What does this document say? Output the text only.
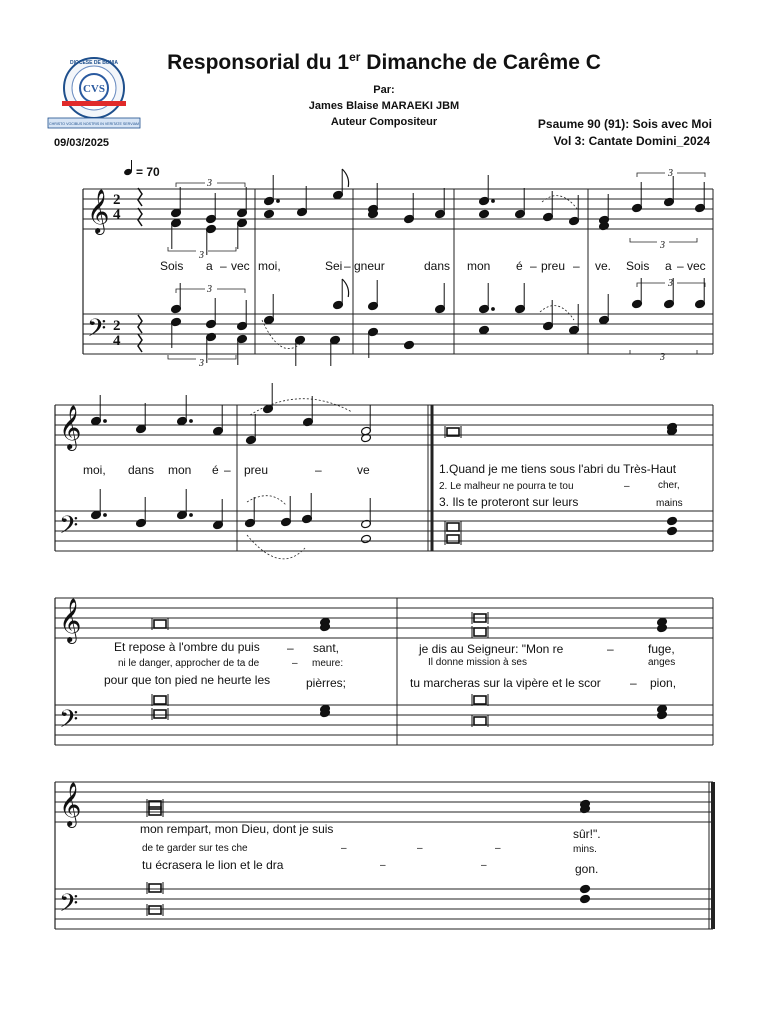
Responsorial du 1er Dimanche de Carême C
Par:
James Blaise MARAEKI JBM
Auteur Compositeur	Psaume 90 (91): Sois avec Moi
Vol 3: Cantate Domini_2024
09/03/2025
CVS
DIOCESE DE BUNIA
CHRISTO VOCIBUS NOSTRIS IN VERITATE SERVIAM
𝄞
𝄢
𝄞
𝄢
𝄞
𝄢
𝄞
𝄢
= 70
2
4
2
4
3
3
3
3
3
3
3
3
Sois a – vec moi,	Sei – gneur	dans mon é – preu – ve. Sois a – vec
moi, dans mon é – preu	–	ve	1.Quand je me tiens sous l'abri du Très-Haut
2. Le malheur ne pourra te tou	–	cher,
3. Ils te proteront sur leurs	mains
Et repose à l'ombre du puis – sant,
ni le danger, approcher de ta de	– meure:
pour que ton pied ne heurte les	pièrres;
je dis au Seigneur: "Mon re	–	fuge,
Il donne mission à ses	anges
tu marcheras sur la vipère et le scor – pion,
mon rempart, mon Dieu, dont je suis	sûr!".
de te garder sur tes che	–	–	–	mins.
tu écrasera le lion et le dra	–	–	gon.
